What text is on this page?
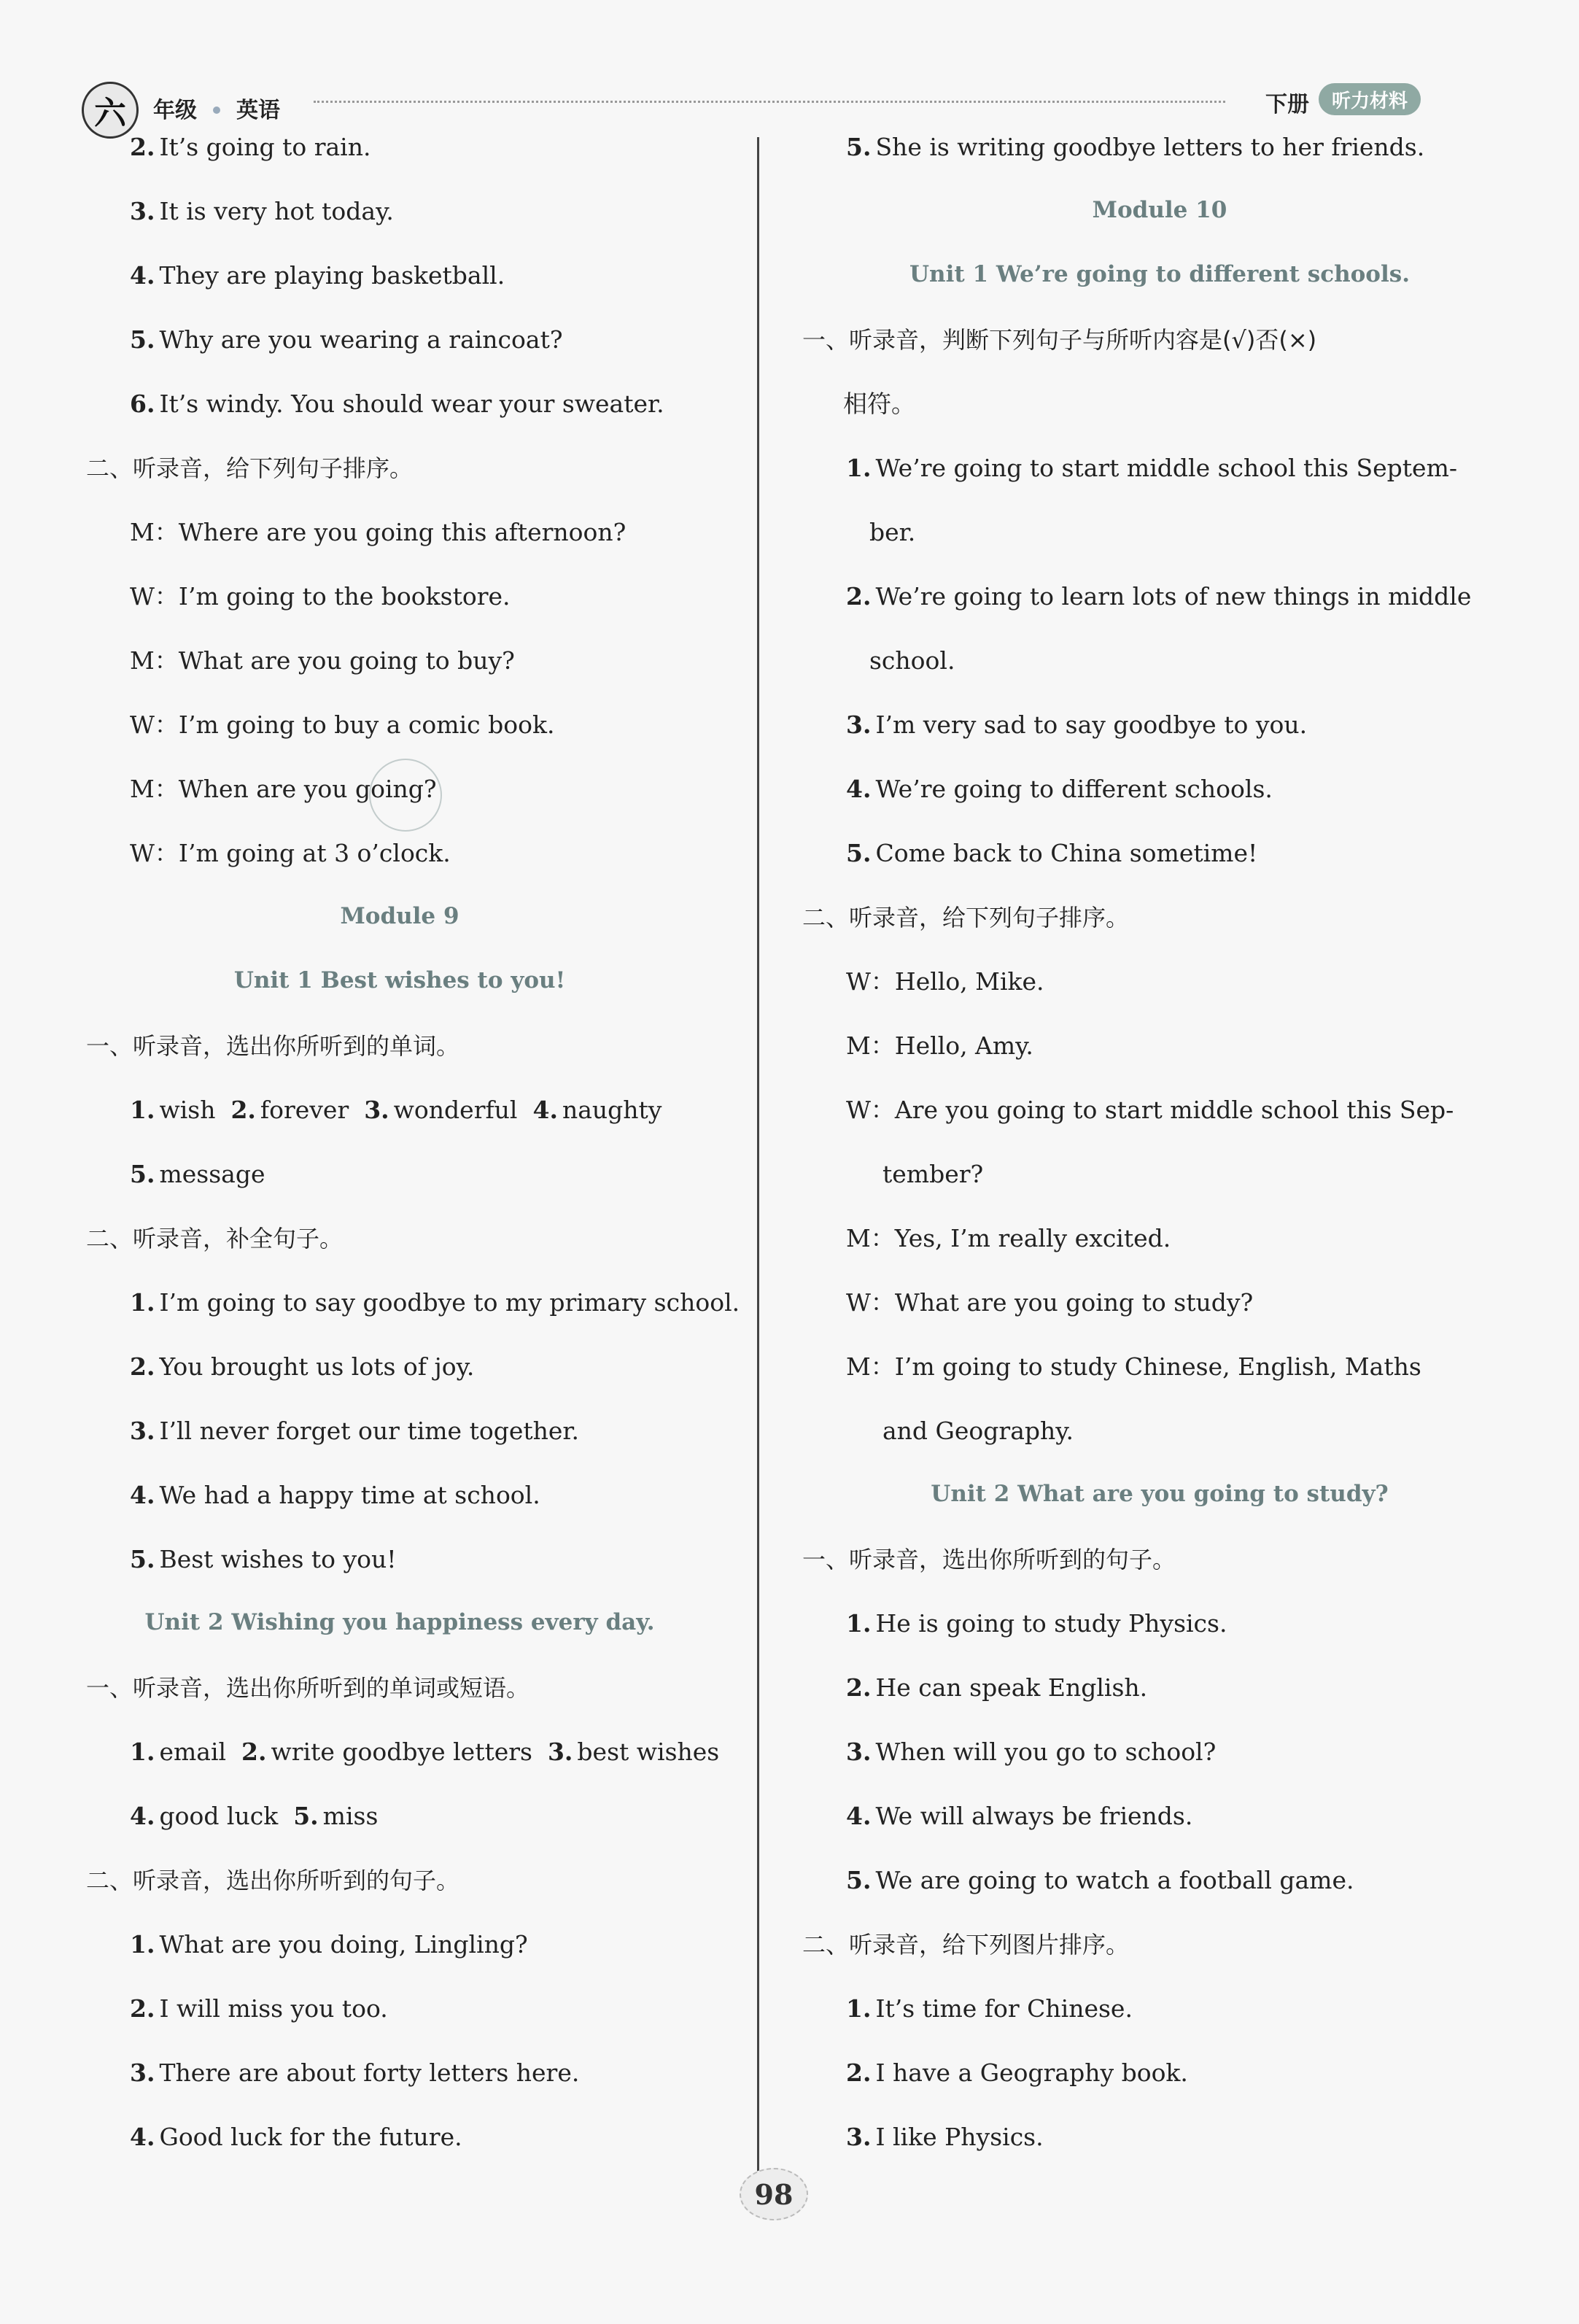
六	年级 英语	下册	听力材料
2. It’s going to rain.
3. It is very hot today.
4. They are playing basketball.
5. Why are you wearing a raincoat?
6. It’s windy. You should wear your sweater.
二、听录音，给下列句子排序。
M：Where are you going this afternoon?
W：I’m going to the bookstore.
M：What are you going to buy?
W：I’m going to buy a comic book.
M：When are you going?
W：I’m going at 3 o’clock.
Module 9
Unit 1 Best wishes to you!
一、听录音，选出你所听到的单词。
1. wish 2. forever 3. wonderful 4. naughty
5. message
二、听录音，补全句子。
1. I’m going to say goodbye to my primary school.
2. You brought us lots of joy.
3. I’ll never forget our time together.
4. We had a happy time at school.
5. Best wishes to you!
Unit 2 Wishing you happiness every day.
一、听录音，选出你所听到的单词或短语。
1. email 2. write goodbye letters 3. best wishes
4. good luck 5. miss
二、听录音，选出你所听到的句子。
1. What are you doing, Lingling?
2. I will miss you too.
3. There are about forty letters here.
4. Good luck for the future.
5. She is writing goodbye letters to her friends.
Module 10
Unit 1 We’re going to different schools.
一、听录音，判断下列句子与所听内容是(√)否(×)
相符。
1. We’re going to start middle school this Septem-
ber.
2. We’re going to learn lots of new things in middle
school.
3. I’m very sad to say goodbye to you.
4. We’re going to different schools.
5. Come back to China sometime!
二、听录音，给下列句子排序。
W：Hello, Mike.
M：Hello, Amy.
W：Are you going to start middle school this Sep-
tember?
M：Yes, I’m really excited.
W：What are you going to study?
M：I’m going to study Chinese, English, Maths
and Geography.
Unit 2 What are you going to study?
一、听录音，选出你所听到的句子。
1. He is going to study Physics.
2. He can speak English.
3. When will you go to school?
4. We will always be friends.
5. We are going to watch a football game.
二、听录音，给下列图片排序。
1. It’s time for Chinese.
2. I have a Geography book.
3. I like Physics.
98
